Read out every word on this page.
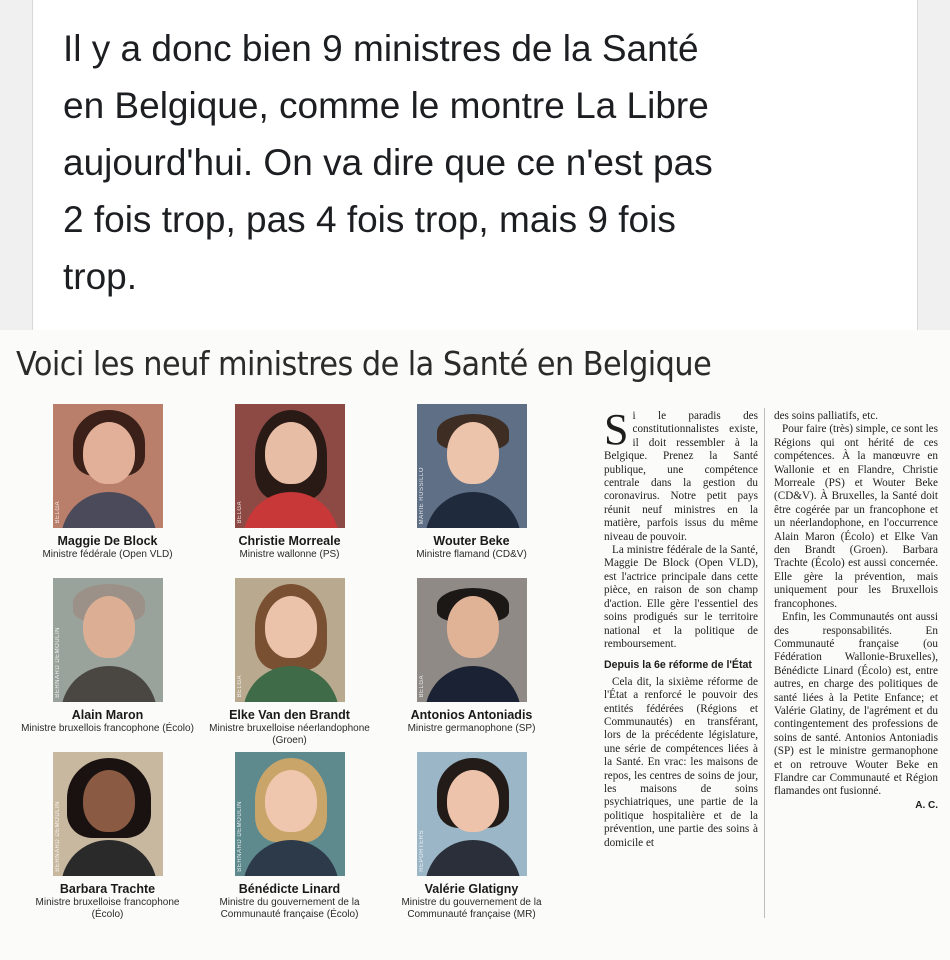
Il y a donc bien 9 ministres de la Santé
en Belgique, comme le montre La Libre
aujourd'hui. On va dire que ce n'est pas
2 fois trop, pas 4 fois trop, mais 9 fois
trop.
Voici les neuf ministres de la Santé en Belgique
BELGA
Maggie De Block
Ministre fédérale (Open VLD)
BELGA
Christie Morreale
Ministre wallonne (PS)
MARIE RUSSILLO
Wouter Beke
Ministre flamand (CD&V)
BERNARD DEMOULIN
Alain Maron
Ministre bruxellois francophone (Écolo)
BELGA
Elke Van den Brandt
Ministre bruxelloise néerlandophone (Groen)
BELGA
Antonios Antoniadis
Ministre germanophone (SP)
BERNARD DEMOULIN
Barbara Trachte
Ministre bruxelloise francophone (Écolo)
BERNARD DEMOULIN
Bénédicte Linard
Ministre du gouvernement de la Communauté française (Écolo)
REPORTERS
Valérie Glatigny
Ministre du gouvernement de la Communauté française (MR)
S i le paradis des constitutionnalistes existe, il doit ressembler à la Belgique. Prenez la Santé publique, une compétence centrale dans la gestion du coronavirus. Notre petit pays réunit neuf ministres en la matière, parfois issus du même niveau de pouvoir.

La ministre fédérale de la Santé, Maggie De Block (Open VLD), est l'actrice principale dans cette pièce, en raison de son champ d'action. Elle gère l'essentiel des soins prodigués sur le territoire national et la politique de remboursement.

Depuis la 6e réforme de l'État

Cela dit, la sixième réforme de l'État a renforcé le pouvoir des entités fédérées (Régions et Communautés) en transférant, lors de la précédente législature, une série de compétences liées à la Santé. En vrac: les maisons de repos, les centres de soins de jour, les maisons de soins psychiatriques, une partie de la politique hospitalière et de la prévention, une partie des soins à domicile et

des soins palliatifs, etc.

Pour faire (très) simple, ce sont les Régions qui ont hérité de ces compétences. À la manœuvre en Wallonie et en Flandre, Christie Morreale (PS) et Wouter Beke (CD&V). À Bruxelles, la Santé doit être cogérée par un francophone et un néerlandophone, en l'occurrence Alain Maron (Écolo) et Elke Van den Brandt (Groen). Barbara Trachte (Écolo) est aussi concernée. Elle gère la prévention, mais uniquement pour les Bruxellois francophones.

Enfin, les Communautés ont aussi des responsabilités. En Communauté française (ou Fédération Wallonie-Bruxelles), Bénédicte Linard (Écolo) est, entre autres, en charge des politiques de santé liées à la Petite Enfance; et Valérie Glatiny, de l'agrément et du contingentement des professions de soins de santé. Antonios Antoniadis (SP) est le ministre germanophone et on retrouve Wouter Beke en Flandre car Communauté et Région flamandes ont fusionné.

A. C.
